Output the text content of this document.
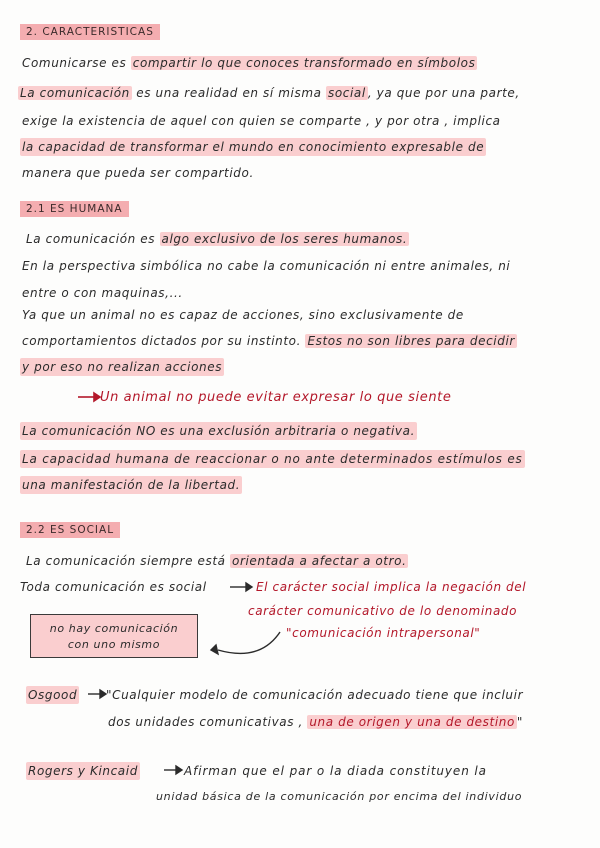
2. CARACTERISTICAS
Comunicarse es compartir lo que conoces transformado en símbolos
La comunicación es una realidad en sí misma social , ya que por una parte,
exige la existencia de aquel con quien se comparte , y por otra , implica
la capacidad de transformar el mundo en conocimiento expresable de
manera que pueda ser compartido.
2.1 ES HUMANA
La comunicación es algo exclusivo de los seres humanos.
En la perspectiva simbólica no cabe la comunicación ni entre animales, ni
entre o con maquinas,...
Ya que un animal no es capaz de acciones, sino exclusivamente de
comportamientos dictados por su instinto. Estos no son libres para decidir
y por eso no realizan acciones
Un animal no puede evitar expresar lo que siente
La comunicación NO es una exclusión arbitraria o negativa.
La capacidad humana de reaccionar o no ante determinados estímulos es
una manifestación de la libertad.
2.2 ES SOCIAL
La comunicación siempre está orientada a afectar a otro.
Toda comunicación es social	El carácter social implica la negación del
carácter comunicativo de lo denominado
"comunicación intrapersonal"
no hay comunicación
con uno mismo
Osgood "Cualquier modelo de comunicación adecuado tiene que incluir
dos unidades comunicativas , una de origen y una de destino "
Rogers y Kincaid	Afirman que el par o la diada constituyen la
unidad básica de la comunicación por encima del individuo
